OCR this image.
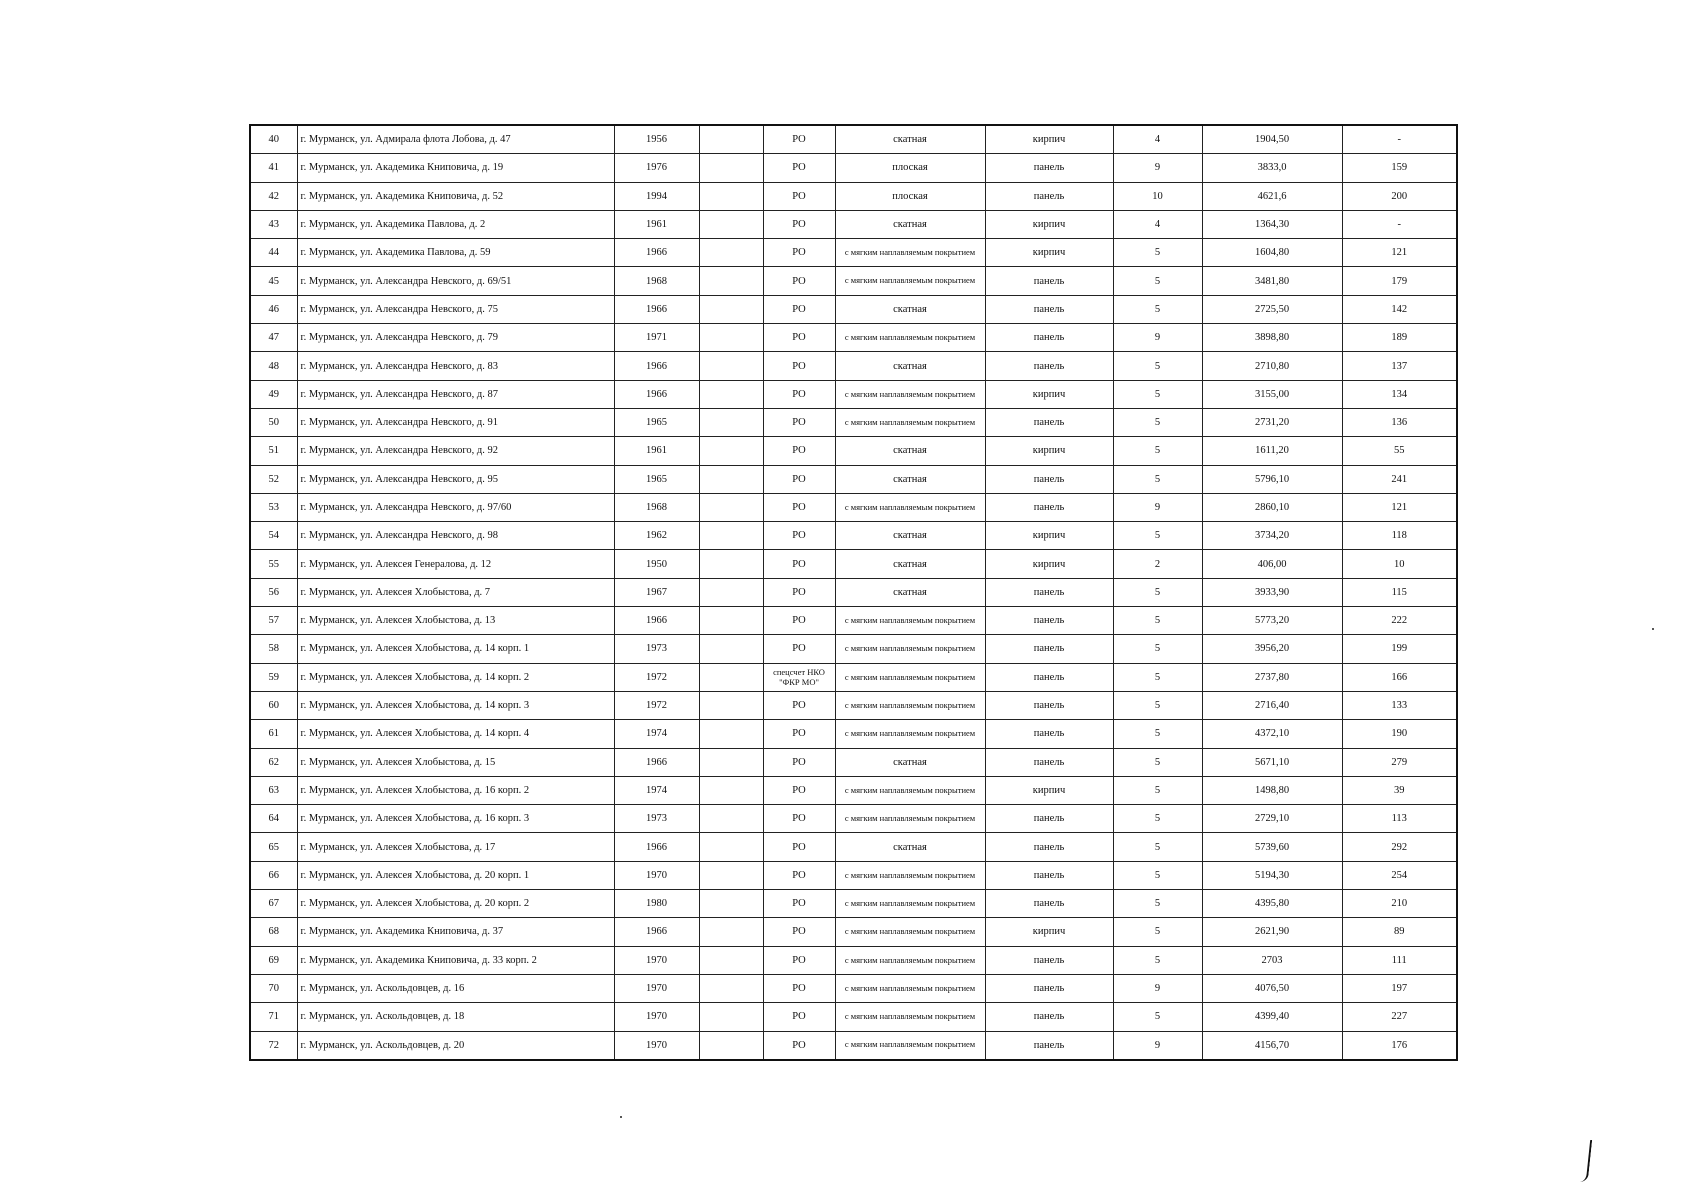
40	г. Мурманск, ул. Адмирала флота Лобова, д. 47	1956		РО	скатная	кирпич	4	1904,50	-
41	г. Мурманск, ул. Академика Книповича, д. 19	1976		РО	плоская	панель	9	3833,0	159
42	г. Мурманск, ул. Академика Книповича, д. 52	1994		РО	плоская	панель	10	4621,6	200
43	г. Мурманск, ул. Академика Павлова, д. 2	1961		РО	скатная	кирпич	4	1364,30	-
44	г. Мурманск, ул. Академика Павлова, д. 59	1966		РО	с мягким наплавляемым покрытием	кирпич	5	1604,80	121
45	г. Мурманск, ул. Александра Невского, д. 69/51	1968		РО	с мягким наплавляемым покрытием	панель	5	3481,80	179
46	г. Мурманск, ул. Александра Невского, д. 75	1966		РО	скатная	панель	5	2725,50	142
47	г. Мурманск, ул. Александра Невского, д. 79	1971		РО	с мягким наплавляемым покрытием	панель	9	3898,80	189
48	г. Мурманск, ул. Александра Невского, д. 83	1966		РО	скатная	панель	5	2710,80	137
49	г. Мурманск, ул. Александра Невского, д. 87	1966		РО	с мягким наплавляемым покрытием	кирпич	5	3155,00	134
50	г. Мурманск, ул. Александра Невского, д. 91	1965		РО	с мягким наплавляемым покрытием	панель	5	2731,20	136
51	г. Мурманск, ул. Александра Невского, д. 92	1961		РО	скатная	кирпич	5	1611,20	55
52	г. Мурманск, ул. Александра Невского, д. 95	1965		РО	скатная	панель	5	5796,10	241
53	г. Мурманск, ул. Александра Невского, д. 97/60	1968		РО	с мягким наплавляемым покрытием	панель	9	2860,10	121
54	г. Мурманск, ул. Александра Невского, д. 98	1962		РО	скатная	кирпич	5	3734,20	118
55	г. Мурманск, ул. Алексея Генералова, д. 12	1950		РО	скатная	кирпич	2	406,00	10
56	г. Мурманск, ул. Алексея Хлобыстова, д. 7	1967		РО	скатная	панель	5	3933,90	115
57	г. Мурманск, ул. Алексея Хлобыстова, д. 13	1966		РО	с мягким наплавляемым покрытием	панель	5	5773,20	222
58	г. Мурманск, ул. Алексея Хлобыстова, д. 14 корп. 1	1973		РО	с мягким наплавляемым покрытием	панель	5	3956,20	199
59	г. Мурманск, ул. Алексея Хлобыстова, д. 14 корп. 2	1972		спецсчет НКО "ФКР МО"	с мягким наплавляемым покрытием	панель	5	2737,80	166
60	г. Мурманск, ул. Алексея Хлобыстова, д. 14 корп. 3	1972		РО	с мягким наплавляемым покрытием	панель	5	2716,40	133
61	г. Мурманск, ул. Алексея Хлобыстова, д. 14 корп. 4	1974		РО	с мягким наплавляемым покрытием	панель	5	4372,10	190
62	г. Мурманск, ул. Алексея Хлобыстова, д. 15	1966		РО	скатная	панель	5	5671,10	279
63	г. Мурманск, ул. Алексея Хлобыстова, д. 16 корп. 2	1974		РО	с мягким наплавляемым покрытием	кирпич	5	1498,80	39
64	г. Мурманск, ул. Алексея Хлобыстова, д. 16 корп. 3	1973		РО	с мягким наплавляемым покрытием	панель	5	2729,10	113
65	г. Мурманск, ул. Алексея Хлобыстова, д. 17	1966		РО	скатная	панель	5	5739,60	292
66	г. Мурманск, ул. Алексея Хлобыстова, д. 20 корп. 1	1970		РО	с мягким наплавляемым покрытием	панель	5	5194,30	254
67	г. Мурманск, ул. Алексея Хлобыстова, д. 20 корп. 2	1980		РО	с мягким наплавляемым покрытием	панель	5	4395,80	210
68	г. Мурманск, ул. Академика Книповича, д. 37	1966		РО	с мягким наплавляемым покрытием	кирпич	5	2621,90	89
69	г. Мурманск, ул. Академика Книповича, д. 33 корп. 2	1970		РО	с мягким наплавляемым покрытием	панель	5	2703	111
70	г. Мурманск, ул. Аскольдовцев, д. 16	1970		РО	с мягким наплавляемым покрытием	панель	9	4076,50	197
71	г. Мурманск, ул. Аскольдовцев, д. 18	1970		РО	с мягким наплавляемым покрытием	панель	5	4399,40	227
72	г. Мурманск, ул. Аскольдовцев, д. 20	1970		РО	с мягким наплавляемым покрытием	панель	9	4156,70	176
